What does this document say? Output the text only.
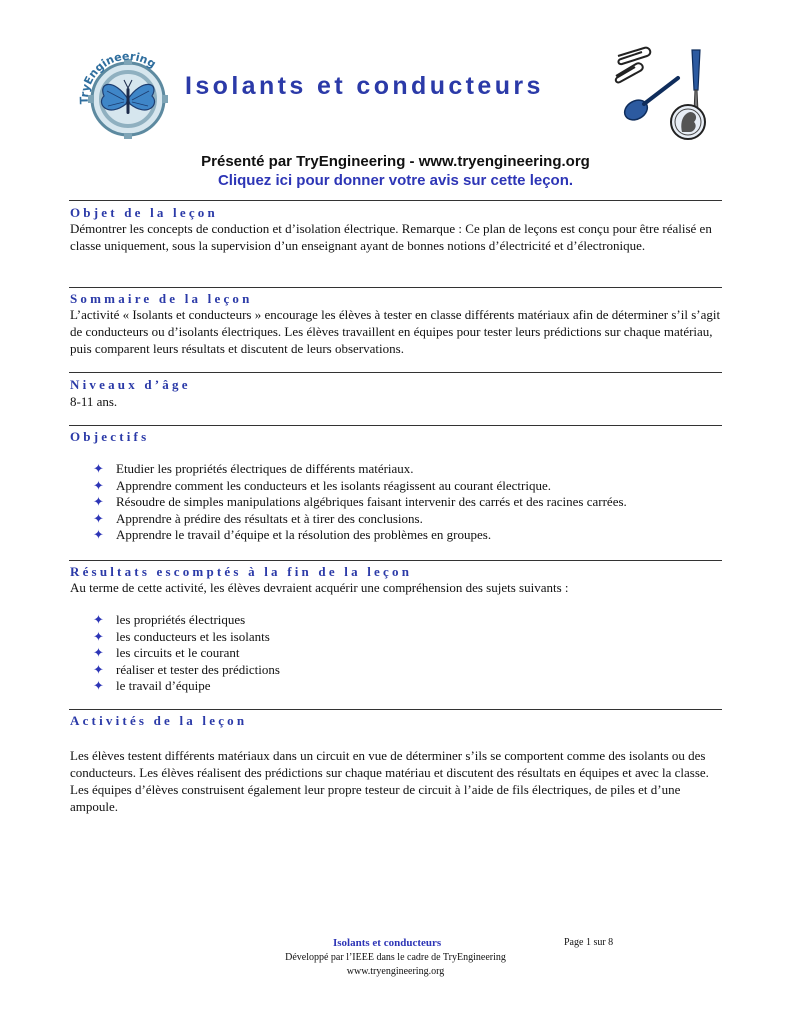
TryEngineering
Isolants et conducteurs
Présenté par TryEngineering - www.tryengineering.org
Cliquez ici pour donner votre avis sur cette leçon.
Objet de la leçon

Démontrer les concepts de conduction et d’isolation électrique. Remarque : Ce plan de leçons est conçu pour être réalisé en classe uniquement, sous la supervision d’un enseignant ayant de bonnes notions d’électricité et d’électronique.

Sommaire de la leçon

L’activité « Isolants et conducteurs » encourage les élèves à tester en classe différents matériaux afin de déterminer s’il s’agit de conducteurs ou d’isolants électriques. Les élèves travaillent en équipes pour tester leurs prédictions sur chaque matériau, puis comparent leurs résultats et discutent de leurs observations.

Niveaux d’âge

8-11 ans.

Objectifs
✦ Etudier les propriétés électriques de différents matériaux.
✦ Apprendre comment les conducteurs et les isolants réagissent au courant électrique.
✦ Résoudre de simples manipulations algébriques faisant intervenir des carrés et des racines carrées.
✦ Apprendre à prédire des résultats et à tirer des conclusions.
✦ Apprendre le travail d’équipe et la résolution des problèmes en groupes.
Résultats escomptés à la fin de la leçon

Au terme de cette activité, les élèves devraient acquérir une compréhension des sujets suivants :

✦ les propriétés électriques
✦ les conducteurs et les isolants
✦ les circuits et le courant
✦ réaliser et tester des prédictions
✦ le travail d’équipe
Activités de la leçon

Les élèves testent différents matériaux dans un circuit en vue de déterminer s’ils se comportent comme des isolants ou des conducteurs. Les élèves réalisent des prédictions sur chaque matériau et discutent des résultats en équipes et avec la classe. Les équipes d’élèves construisent également leur propre testeur de circuit à l’aide de fils électriques, de piles et d’une ampoule.

Isolants et conducteurs	Page 1 sur 8
Développé par l’IEEE dans le cadre de TryEngineering
www.tryengineering.org
